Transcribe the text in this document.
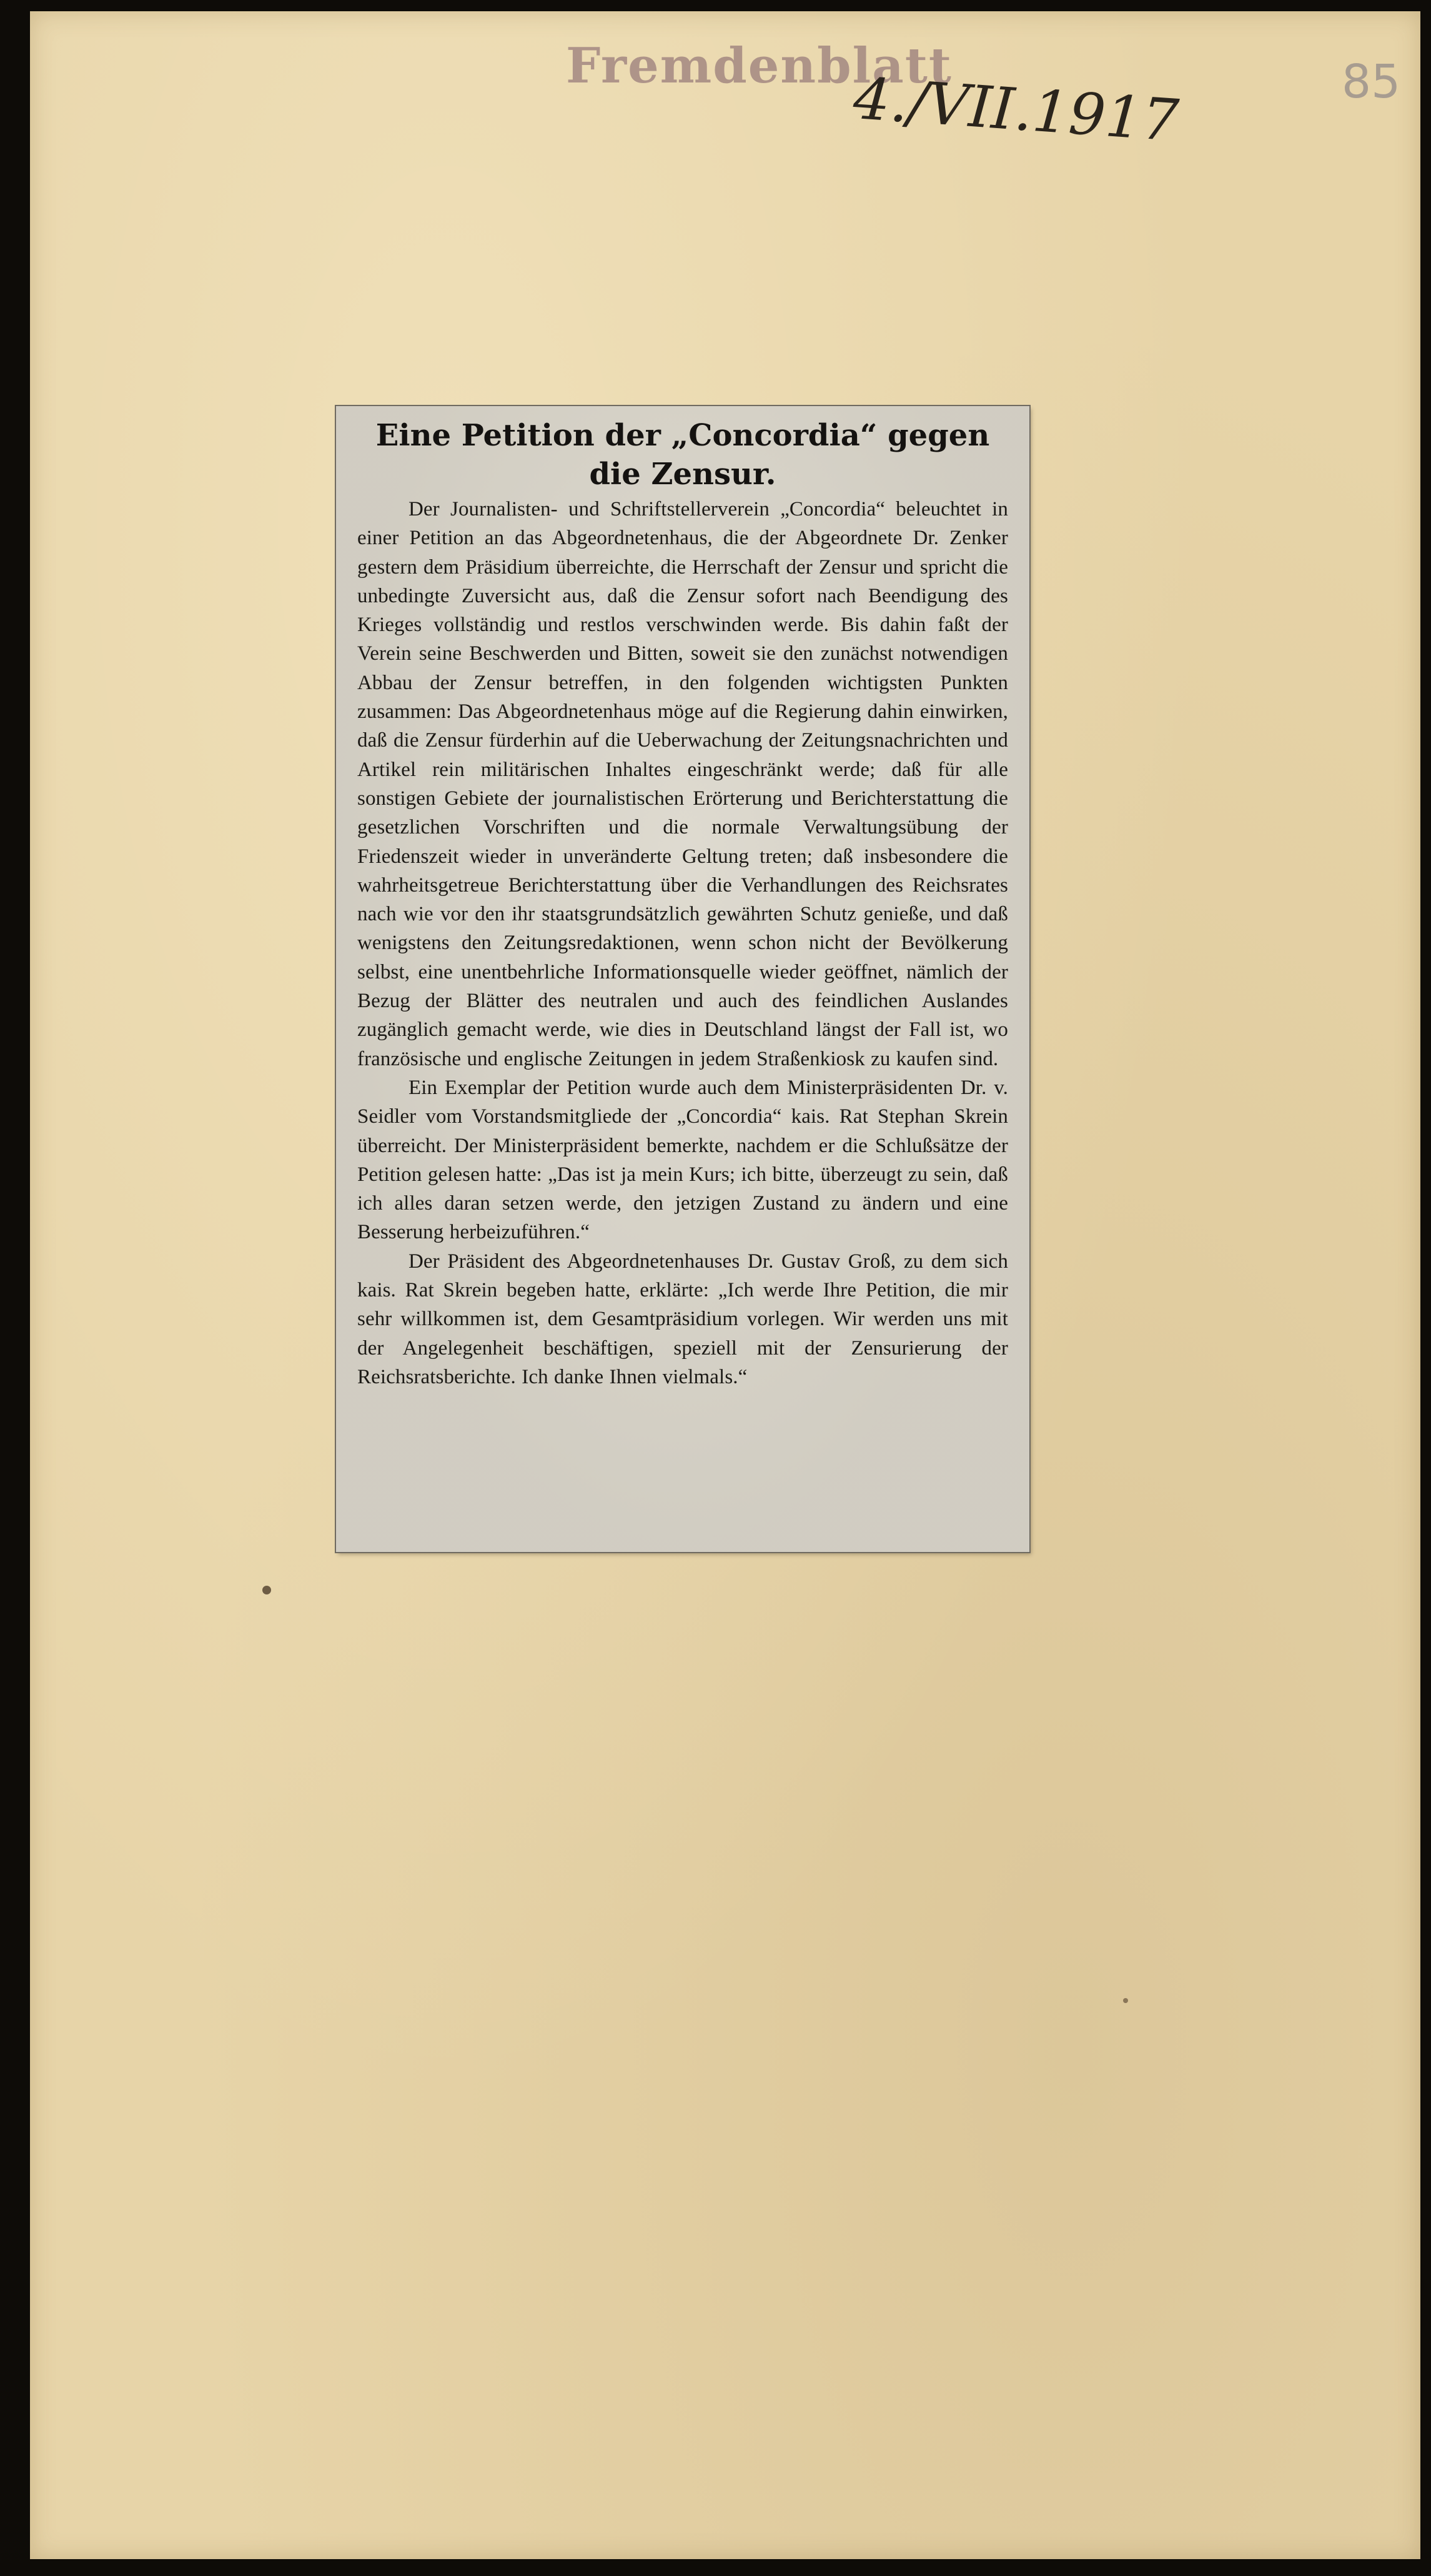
Fremdenblatt
4./VII.1917	85
Eine Petition der „Concordia“ gegen die Zensur.

Der Journalisten- und Schriftstellerverein „Concordia“ beleuchtet in einer Petition an das Abgeordnetenhaus, die der Abgeordnete Dr. Zenker gestern dem Präsidium überreichte, die Herrschaft der Zensur und spricht die unbedingte Zuversicht aus, daß die Zensur sofort nach Beendigung des Krieges vollständig und restlos verschwinden werde. Bis dahin faßt der Verein seine Beschwerden und Bitten, soweit sie den zunächst notwendigen Abbau der Zensur betreffen, in den folgenden wichtigsten Punkten zusammen: Das Abgeordnetenhaus möge auf die Regierung dahin einwirken, daß die Zensur fürderhin auf die Ueberwachung der Zeitungsnachrichten und Artikel rein militärischen Inhaltes eingeschränkt werde; daß für alle sonstigen Gebiete der journalistischen Erörterung und Berichterstattung die gesetzlichen Vorschriften und die normale Verwaltungsübung der Friedenszeit wieder in unveränderte Geltung treten; daß insbesondere die wahrheitsgetreue Berichterstattung über die Verhandlungen des Reichsrates nach wie vor den ihr staatsgrundsätzlich gewährten Schutz genieße, und daß wenigstens den Zeitungsredaktionen, wenn schon nicht der Bevölkerung selbst, eine unentbehrliche Informationsquelle wieder geöffnet, nämlich der Bezug der Blätter des neutralen und auch des feindlichen Auslandes zugänglich gemacht werde, wie dies in Deutschland längst der Fall ist, wo französische und englische Zeitungen in jedem Straßenkiosk zu kaufen sind.

Ein Exemplar der Petition wurde auch dem Ministerpräsidenten Dr. v. Seidler vom Vorstandsmitgliede der „Concordia“ kais. Rat Stephan Skrein überreicht. Der Ministerpräsident bemerkte, nachdem er die Schlußsätze der Petition gelesen hatte: „Das ist ja mein Kurs; ich bitte, überzeugt zu sein, daß ich alles daran setzen werde, den jetzigen Zustand zu ändern und eine Besserung herbeizuführen.“

Der Präsident des Abgeordnetenhauses Dr. Gustav Groß, zu dem sich kais. Rat Skrein begeben hatte, erklärte: „Ich werde Ihre Petition, die mir sehr willkommen ist, dem Gesamtpräsidium vorlegen. Wir werden uns mit der Angelegenheit beschäftigen, speziell mit der Zensurierung der Reichsratsberichte. Ich danke Ihnen vielmals.“
